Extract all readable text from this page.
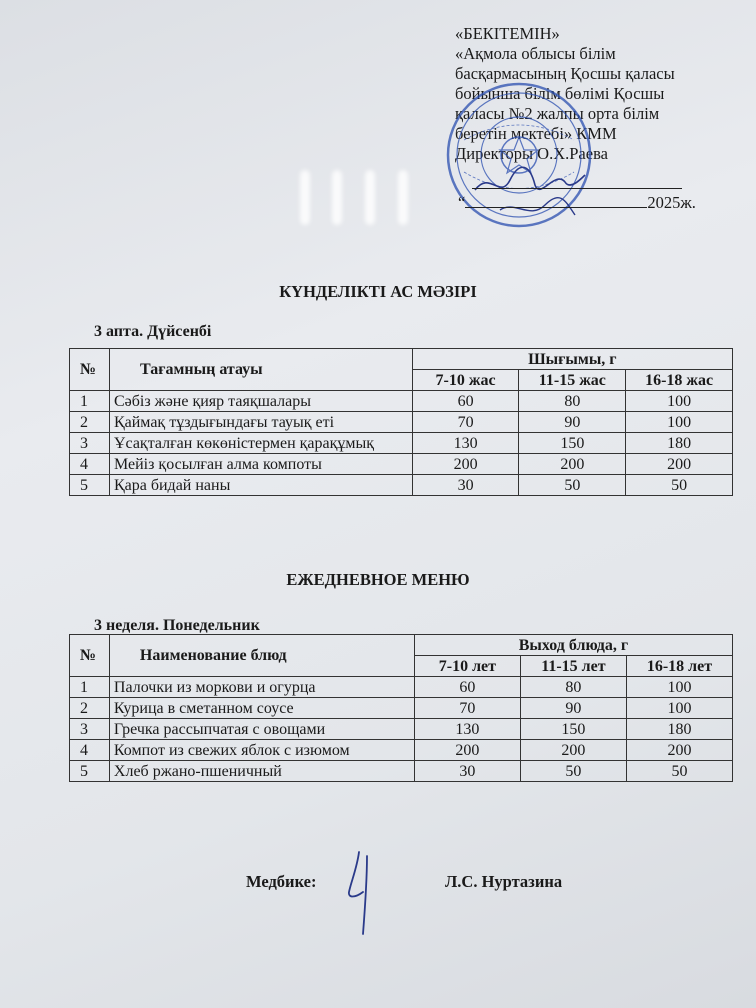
«БЕКІТЕМІН»
«Ақмола облысы білім
басқармасының Қосшы қаласы
бойынша білім бөлімі Қосшы
қаласы №2 жалпы орта білім
беретін мектебі» КММ
Директоры О.Х.Раева
“	2025ж.
КҮНДЕЛІКТІ АС МӘЗІРІ
3 апта. Дүйсенбі
№	Тағамның атауы	Шығымы, г		
		7-10 жас	11-15 жас	16-18 жас
1	Сәбіз және қияр таяқшалары	60	80	100
2	Қаймақ тұздығындағы тауық еті	70	90	100
3	Ұсақталған көкөністермен қарақұмық	130	150	180
4	Мейіз қосылған алма компоты	200	200	200
5	Қара бидай наны	30	50	50
ЕЖЕДНЕВНОЕ МЕНЮ
3 неделя. Понедельник
№	Наименование блюд	Выход блюда, г		
		7-10 лет	11-15 лет	16-18 лет
1	Палочки из моркови и огурца	60	80	100
2	Курица в сметанном соусе	70	90	100
3	Гречка рассыпчатая с овощами	130	150	180
4	Компот из свежих яблок с изюмом	200	200	200
5	Хлеб ржано-пшеничный	30	50	50
Медбике:	Л.С. Нуртазина
